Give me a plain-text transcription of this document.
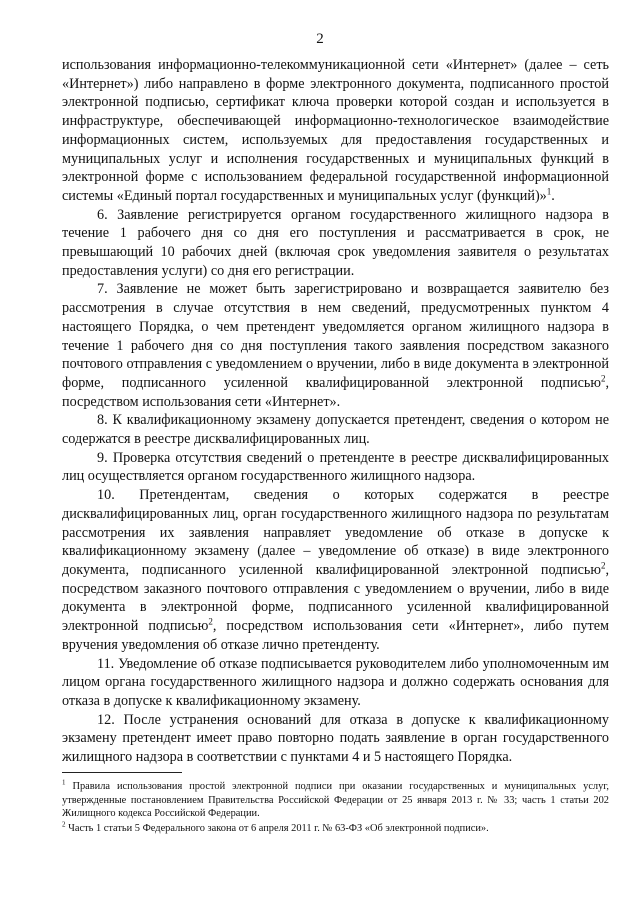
2

использования информационно-телекоммуникационной сети «Интернет» (далее – сеть «Интернет») либо направлено в форме электронного документа, подписанного простой электронной подписью, сертификат ключа проверки которой создан и используется в инфраструктуре, обеспечивающей информационно-технологическое взаимодействие информационных систем, используемых для предоставления государственных и муниципальных услуг и исполнения государственных и муниципальных функций в электронной форме с использованием федеральной государственной информационной системы «Единый портал государственных и муниципальных услуг (функций)»$^1$.

6. Заявление регистрируется органом государственного жилищного надзора в течение 1 рабочего дня со дня его поступления и рассматривается в срок, не превышающий 10 рабочих дней (включая срок уведомления заявителя о результатах предоставления услуги) со дня его регистрации.

7. Заявление не может быть зарегистрировано и возвращается заявителю без рассмотрения в случае отсутствия в нем сведений, предусмотренных пунктом 4 настоящего Порядка, о чем претендент уведомляется органом жилищного надзора в течение 1 рабочего дня со дня поступления такого заявления посредством заказного почтового отправления с уведомлением о вручении, либо в виде документа в электронной форме, подписанного усиленной квалифицированной электронной подписью$^2$, посредством использования сети «Интернет».

8. К квалификационному экзамену допускается претендент, сведения о котором не содержатся в реестре дисквалифицированных лиц.

9. Проверка отсутствия сведений о претенденте в реестре дисквалифицированных лиц осуществляется органом государственного жилищного надзора.

10. Претендентам, сведения о которых содержатся в реестре дисквалифицированных лиц, орган государственного жилищного надзора по результатам рассмотрения их заявления направляет уведомление об отказе в допуске к квалификационному экзамену (далее – уведомление об отказе) в виде электронного документа, подписанного усиленной квалифицированной электронной подписью$^2$, посредством заказного почтового отправления с уведомлением о вручении, либо в виде документа в электронной форме, подписанного усиленной квалифицированной электронной подписью$^2$, посредством использования сети «Интернет», либо путем вручения уведомления об отказе лично претенденту.

11. Уведомление об отказе подписывается руководителем либо уполномоченным им лицом органа государственного жилищного надзора и должно содержать основания для отказа в допуске к квалификационному экзамену.

12. После устранения оснований для отказа в допуске к квалификационному экзамену претендент имеет право повторно подать заявление в орган государственного жилищного надзора в соответствии с пунктами 4 и 5 настоящего Порядка.

$^1$ Правила использования простой электронной подписи при оказании государственных и муниципальных услуг, утвержденные постановлением Правительства Российской Федерации от 25 января 2013 г. № 33; часть 1 статьи 202 Жилищного кодекса Российской Федерации.

$^2$ Часть 1 статьи 5 Федерального закона от 6 апреля 2011 г. № 63-ФЗ «Об электронной подписи».
